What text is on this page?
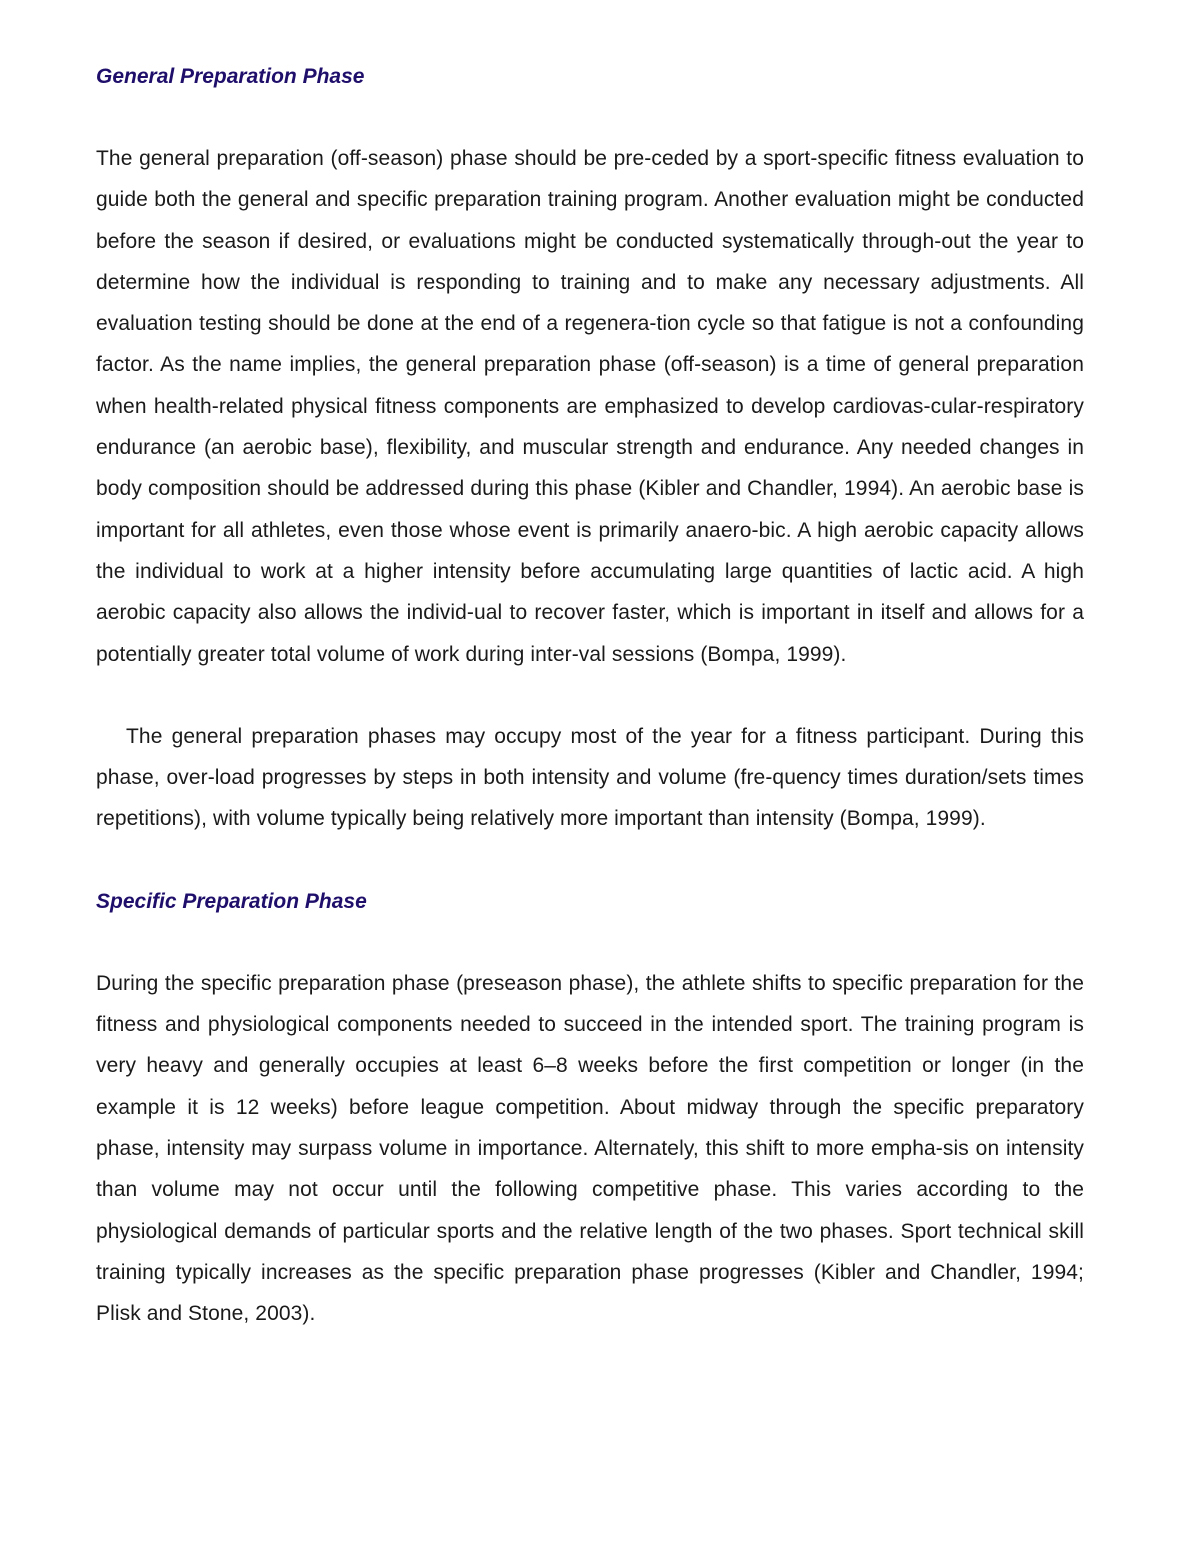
General Preparation Phase

The general preparation (off-season) phase should be pre-ceded by a sport-specific fitness evaluation to guide both the general and specific preparation training program. Another evaluation might be conducted before the season if desired, or evaluations might be conducted systematically through-out the year to determine how the individual is responding to training and to make any necessary adjustments. All evaluation testing should be done at the end of a regenera-tion cycle so that fatigue is not a confounding factor. As the name implies, the general preparation phase (off-season) is a time of general preparation when health-related physical fitness components are emphasized to develop cardiovas-cular-respiratory endurance (an aerobic base), flexibility, and muscular strength and endurance. Any needed changes in body composition should be addressed during this phase (Kibler and Chandler, 1994). An aerobic base is important for all athletes, even those whose event is primarily anaero-bic. A high aerobic capacity allows the individual to work at a higher intensity before accumulating large quantities of lactic acid. A high aerobic capacity also allows the individ-ual to recover faster, which is important in itself and allows for a potentially greater total volume of work during inter-val sessions (Bompa, 1999).

The general preparation phases may occupy most of the year for a fitness participant. During this phase, over-load progresses by steps in both intensity and volume (fre-quency times duration/sets times repetitions), with volume typically being relatively more important than intensity (Bompa, 1999).

Specific Preparation Phase

During the specific preparation phase (preseason phase), the athlete shifts to specific preparation for the fitness and physiological components needed to succeed in the intended sport. The training program is very heavy and generally occupies at least 6–8 weeks before the first competition or longer (in the example it is 12 weeks) before league competition. About midway through the specific preparatory phase, intensity may surpass volume in importance. Alternately, this shift to more empha-sis on intensity than volume may not occur until the following competitive phase. This varies according to the physiological demands of particular sports and the relative length of the two phases. Sport technical skill training typically increases as the specific preparation phase progresses (Kibler and Chandler, 1994; Plisk and Stone, 2003).
